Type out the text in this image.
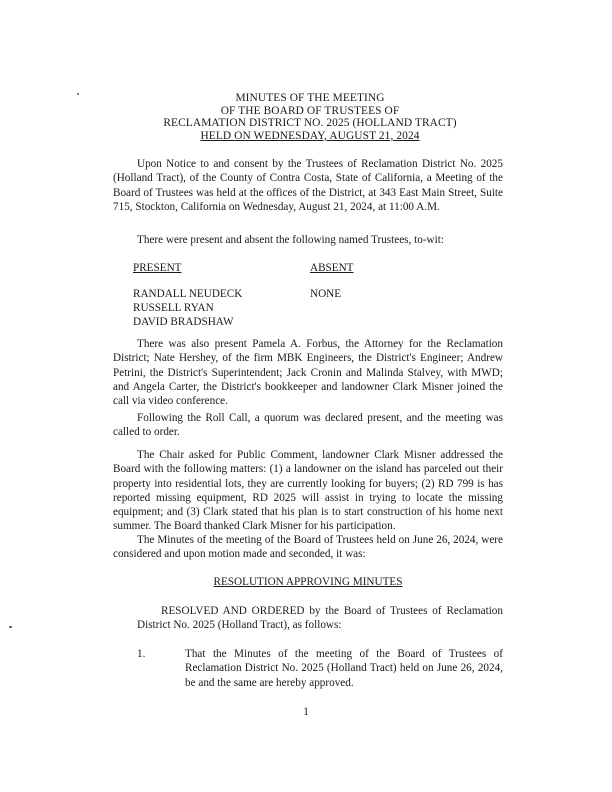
MINUTES OF THE MEETING
OF THE BOARD OF TRUSTEES OF
RECLAMATION DISTRICT NO. 2025 (HOLLAND TRACT)
HELD ON WEDNESDAY, AUGUST 21, 2024
Upon Notice to and consent by the Trustees of Reclamation District No. 2025 (Holland Tract), of the County of Contra Costa, State of California, a Meeting of the Board of Trustees was held at the offices of the District, at 343 East Main Street, Suite 715, Stockton, California on Wednesday, August 21, 2024, at 11:00 A.M.
There were present and absent the following named Trustees, to-wit:
PRESENT	ABSENT
RANDALL NEUDECK
RUSSELL RYAN
DAVID BRADSHAW
NONE
There was also present Pamela A. Forbus, the Attorney for the Reclamation District; Nate Hershey, of the firm MBK Engineers, the District's Engineer; Andrew Petrini, the District's Superintendent; Jack Cronin and Malinda Stalvey, with MWD; and Angela Carter, the District's bookkeeper and landowner Clark Misner joined the call via video conference.
Following the Roll Call, a quorum was declared present, and the meeting was called to order.
The Chair asked for Public Comment, landowner Clark Misner addressed the Board with the following matters: (1) a landowner on the island has parceled out their property into residential lots, they are currently looking for buyers; (2) RD 799 is has reported missing equipment, RD 2025 will assist in trying to locate the missing equipment; and (3) Clark stated that his plan is to start construction of his home next summer. The Board thanked Clark Misner for his participation.
The Minutes of the meeting of the Board of Trustees held on June 26, 2024, were considered and upon motion made and seconded, it was:
RESOLUTION APPROVING MINUTES
RESOLVED AND ORDERED by the Board of Trustees of Reclamation District No. 2025 (Holland Tract), as follows:
1.	That the Minutes of the meeting of the Board of Trustees of Reclamation District No. 2025 (Holland Tract) held on June 26, 2024, be and the same are hereby approved.
1
